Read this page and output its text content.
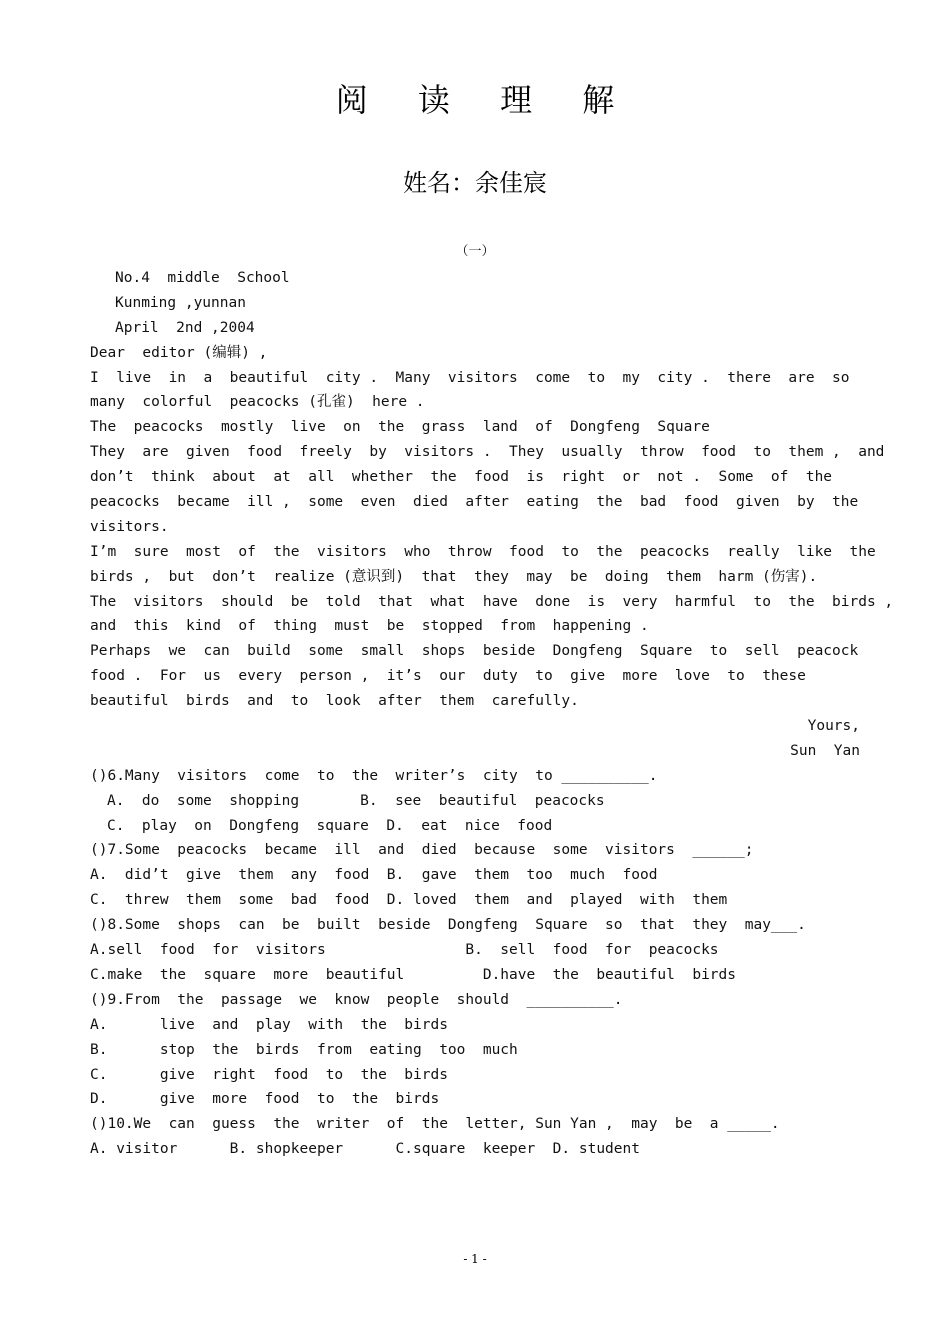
阅 读 理 解
姓名：余佳宸
（一）
No.4  middle  School
Kunming ,yunnan
April  2nd ,2004
Dear  editor (编辑) ,
I  live  in  a  beautiful  city .  Many  visitors  come  to  my  city .  there  are  so
many  colorful  peacocks (孔雀)  here .
The  peacocks  mostly  live  on  the  grass  land  of  Dongfeng  Square
They  are  given  food  freely  by  visitors .  They  usually  throw  food  to  them ,  and
don’t  think  about  at  all  whether  the  food  is  right  or  not .  Some  of  the
peacocks  became  ill ,  some  even  died  after  eating  the  bad  food  given  by  the
visitors.
I’m  sure  most  of  the  visitors  who  throw  food  to  the  peacocks  really  like  the
birds ,  but  don’t  realize (意识到)  that  they  may  be  doing  them  harm (伤害).
The  visitors  should  be  told  that  what  have  done  is  very  harmful  to  the  birds ,
and  this  kind  of  thing  must  be  stopped  from  happening .
Perhaps  we  can  build  some  small  shops  beside  Dongfeng  Square  to  sell  peacock
food .  For  us  every  person ,  it’s  our  duty  to  give  more  love  to  these
beautiful  birds  and  to  look  after  them  carefully.
Yours,
Sun  Yan
()6.Many  visitors  come  to  the  writer’s  city  to __________.
A.  do  some  shopping       B.  see  beautiful  peacocks
C.  play  on  Dongfeng  square  D.  eat  nice  food
()7.Some  peacocks  became  ill  and  died  because  some  visitors  ______;
A.  did’t  give  them  any  food  B.  gave  them  too  much  food
C.  threw  them  some  bad  food  D. loved  them  and  played  with  them
()8.Some  shops  can  be  built  beside  Dongfeng  Square  so  that  they  may___.
A.sell  food  for  visitors                B.  sell  food  for  peacocks
C.make  the  square  more  beautiful         D.have  the  beautiful  birds
()9.From  the  passage  we  know  people  should  __________.
A.      live  and  play  with  the  birds
B.      stop  the  birds  from  eating  too  much
C.      give  right  food  to  the  birds
D.      give  more  food  to  the  birds
()10.We  can  guess  the  writer  of  the  letter, Sun Yan ,  may  be  a _____.
A. visitor      B. shopkeeper      C.square  keeper  D. student
- 1 -
